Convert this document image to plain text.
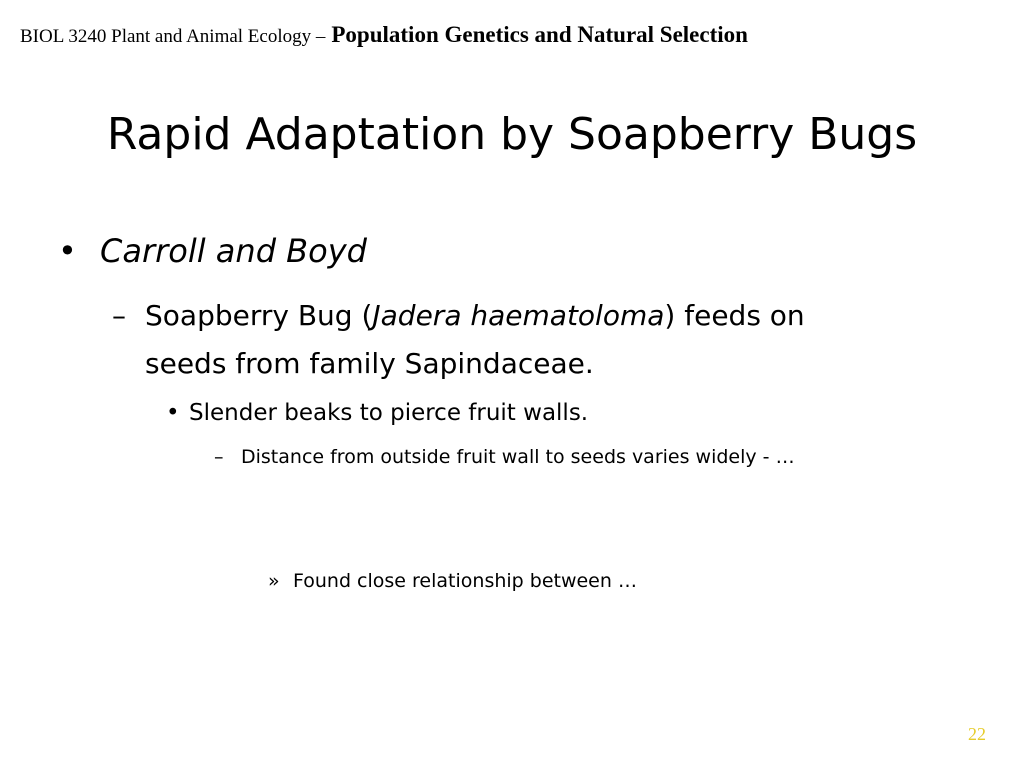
BIOL 3240 Plant and Animal Ecology – Population Genetics and Natural Selection
Rapid Adaptation by Soapberry Bugs
• Carroll and Boyd
– Soapberry Bug (Jadera haematoloma) feeds on
seeds from family Sapindaceae.
• Slender beaks to pierce fruit walls.
– Distance from outside fruit wall to seeds varies widely - …
» Found close relationship between …
22
